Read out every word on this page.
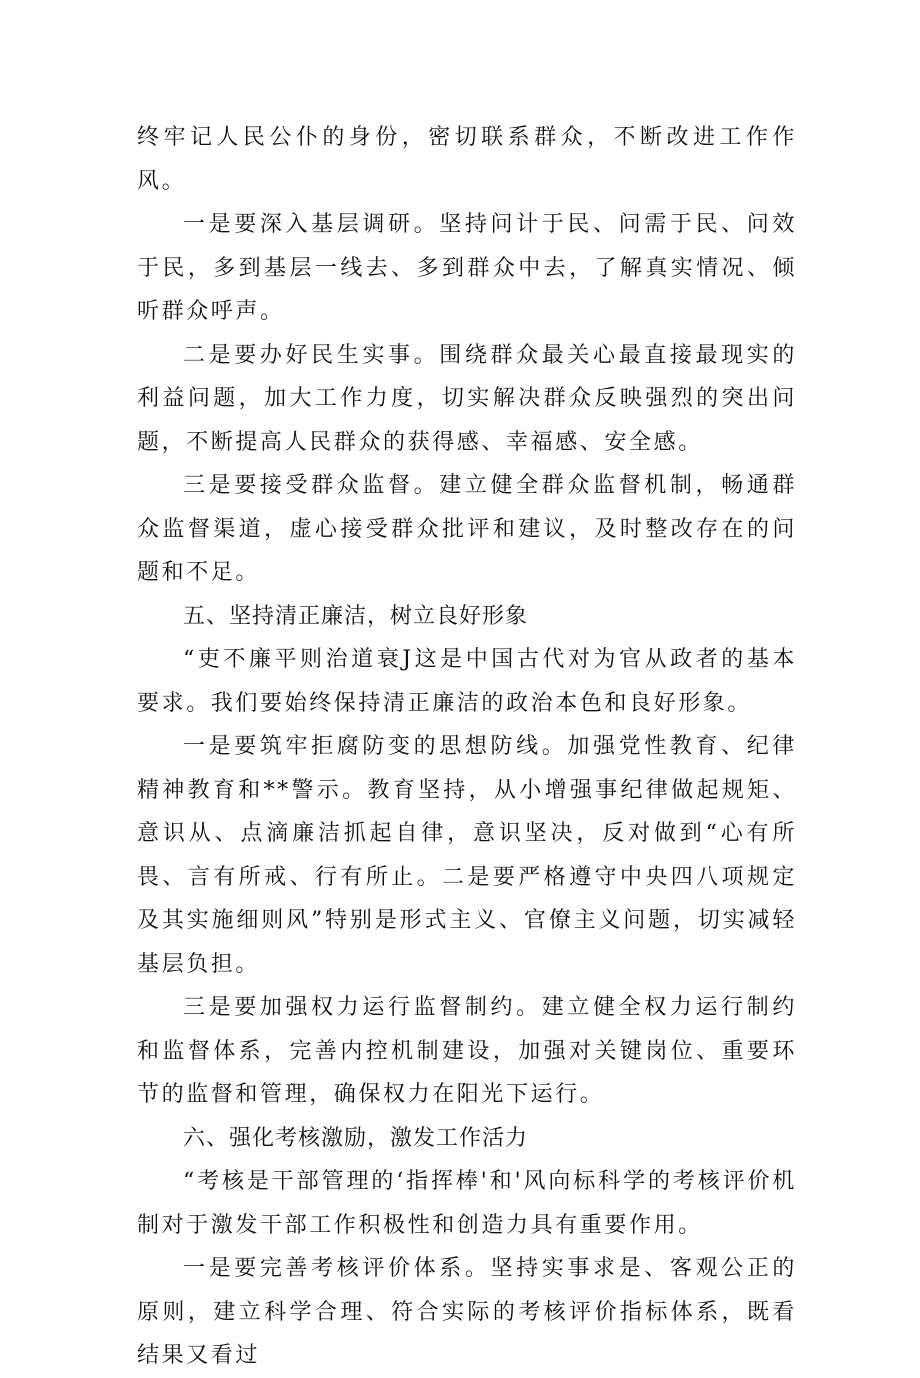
终牢记人民公仆的身份，密切联系群众，不断改进工作作风。

一是要深入基层调研。坚持问计于民、问需于民、问效于民，多到基层一线去、多到群众中去，了解真实情况、倾听群众呼声。

二是要办好民生实事。围绕群众最关心最直接最现实的利益问题，加大工作力度，切实解决群众反映强烈的突出问题，不断提高人民群众的获得感、幸福感、安全感。

三是要接受群众监督。建立健全群众监督机制，畅通群众监督渠道，虚心接受群众批评和建议，及时整改存在的问题和不足。

五、坚持清正廉洁，树立良好形象

“吏不廉平则治道衰J这是中国古代对为官从政者的基本要求。我们要始终保持清正廉洁的政治本色和良好形象。

一是要筑牢拒腐防变的思想防线。加强党性教育、纪律精神教育和**警示。教育坚持，从小增强事纪律做起规矩、意识从、点滴廉洁抓起自律，意识坚决，反对做到“心有所畏、言有所戒、行有所止。二是要严格遵守中央四八项规定及其实施细则风”特别是形式主义、官僚主义问题，切实减轻基层负担。

三是要加强权力运行监督制约。建立健全权力运行制约和监督体系，完善内控机制建设，加强对关键岗位、重要环节的监督和管理，确保权力在阳光下运行。

六、强化考核激励，激发工作活力

“考核是干部管理的‘指挥棒'和'风向标科学的考核评价机制对于激发干部工作积极性和创造力具有重要作用。

一是要完善考核评价体系。坚持实事求是、客观公正的原则，建立科学合理、符合实际的考核评价指标体系，既看结果又看过
